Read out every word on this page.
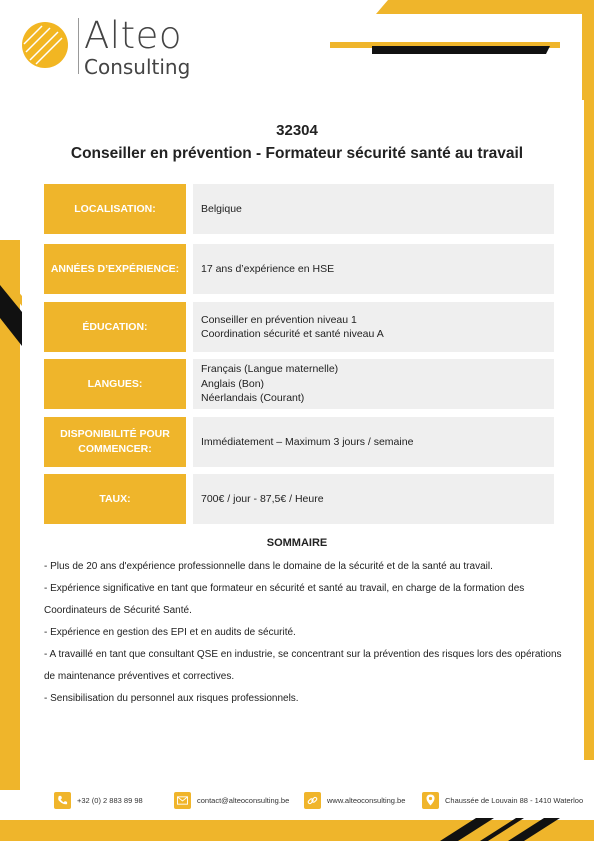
Alteo
Consulting
32304
Conseiller en prévention - Formateur sécurité santé au travail
LOCALISATION:	Belgique
ANNÉES D’EXPÉRIENCE:	17 ans d’expérience en HSE
ÉDUCATION:
Conseiller en prévention niveau 1
Coordination sécurité et santé niveau A
LANGUES:
Français (Langue maternelle)
Anglais (Bon)
Néerlandais (Courant)
DISPONIBILITÉ POUR COMMENCER:
Immédiatement – Maximum 3 jours / semaine
TAUX:	700€ / jour - 87,5€ / Heure
SOMMAIRE

- Plus de 20 ans d'expérience professionnelle dans le domaine de la sécurité et de la santé au travail.

- Expérience significative en tant que formateur en sécurité et santé au travail, en charge de la formation des Coordinateurs de Sécurité Santé.

- Expérience en gestion des EPI et en audits de sécurité.

- A travaillé en tant que consultant QSE en industrie, se concentrant sur la prévention des risques lors des opérations de maintenance préventives et correctives.

- Sensibilisation du personnel aux risques professionnels.

+32 (0) 2 883 89 98	contact@alteoconsulting.be	www.alteoconsulting.be	Chaussée de Louvain 88 - 1410 Waterloo
